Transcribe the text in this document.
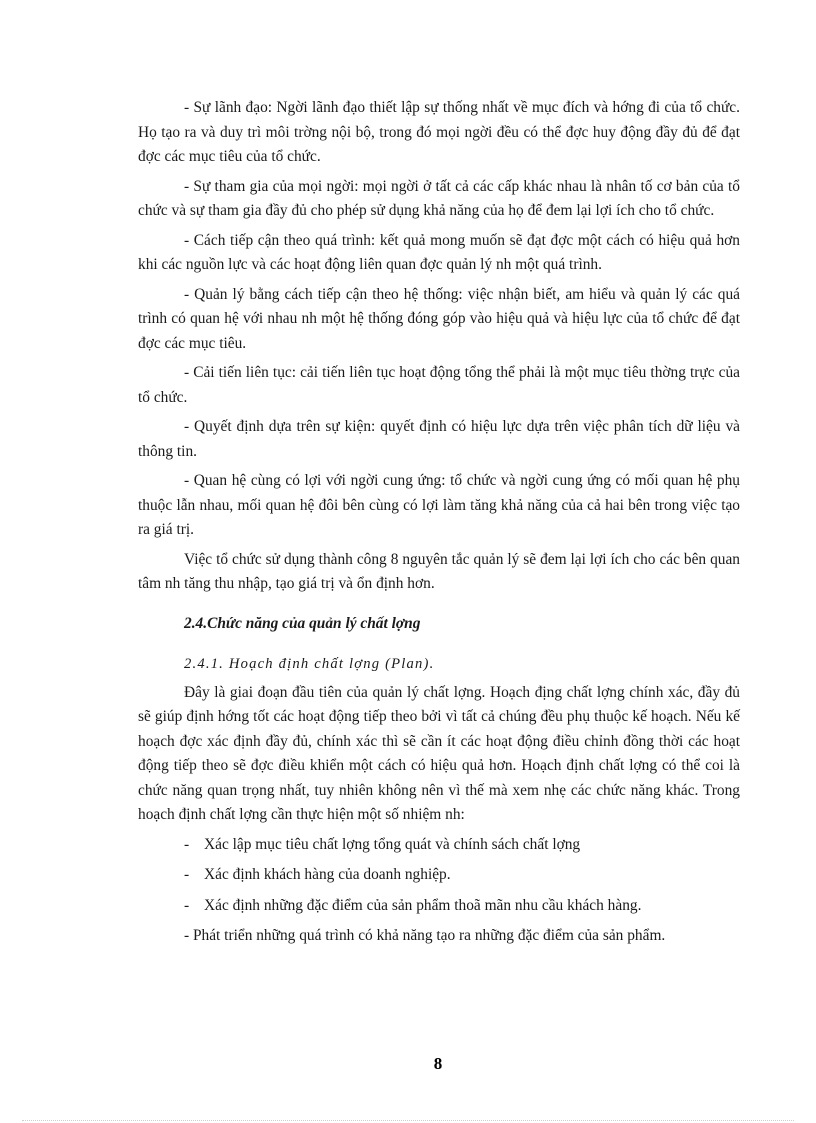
- Sự lãnh đạo: Ngời lãnh đạo thiết lập sự thống nhất về mục đích và hớng đi của tổ chức. Họ tạo ra và duy trì môi trờng nội bộ, trong đó mọi ngời đều có thể đợc huy động đầy đủ để đạt đợc các mục tiêu của tổ chức.

- Sự tham gia của mọi ngời: mọi ngời ở tất cả các cấp khác nhau là nhân tố cơ bản của tổ chức và sự tham gia đầy đủ cho phép sử dụng khả năng của họ để đem lại lợi ích cho tổ chức.

- Cách tiếp cận theo quá trình: kết quả mong muốn sẽ đạt đợc một cách có hiệu quả hơn khi các nguồn lực và các hoạt động liên quan đợc quản lý nh một quá trình.

- Quản lý bằng cách tiếp cận theo hệ thống: việc nhận biết, am hiểu và quản lý các quá trình có quan hệ với nhau nh một hệ thống đóng góp vào hiệu quả và hiệu lực của tổ chức để đạt đợc các mục tiêu.

- Cải tiến liên tục: cải tiến liên tục hoạt động tổng thể phải là một mục tiêu thờng trực của tổ chức.

- Quyết định dựa trên sự kiện: quyết định có hiệu lực dựa trên việc phân tích dữ liệu và thông tin.

- Quan hệ cùng có lợi với ngời cung ứng: tổ chức và ngời cung ứng có mối quan hệ phụ thuộc lẫn nhau, mối quan hệ đôi bên cùng có lợi làm tăng khả năng của cả hai bên trong việc tạo ra giá trị.

Việc tổ chức sử dụng thành công 8 nguyên tắc quản lý sẽ đem lại lợi ích cho các bên quan tâm nh tăng thu nhập, tạo giá trị và ổn định hơn.

2.4.Chức năng của quản lý chất lợng
2.4.1. Hoạch định chất lợng (Plan).

Đây là giai đoạn đầu tiên của quản lý chất lợng. Hoạch địng chất lợng chính xác, đầy đủ sẽ giúp định hớng tốt các hoạt động tiếp theo bởi vì tất cả chúng đều phụ thuộc kế hoạch. Nếu kế hoạch đợc xác định đầy đủ, chính xác thì sẽ cần ít các hoạt động điều chỉnh đồng thời các hoạt động tiếp theo sẽ đợc điều khiển một cách có hiệu quả hơn. Hoạch định chất lợng có thể coi là chức năng quan trọng nhất, tuy nhiên không nên vì thế mà xem nhẹ các chức năng khác. Trong hoạch định chất lợng cần thực hiện một số nhiệm nh:

- Xác lập mục tiêu chất lợng tổng quát và chính sách chất lợng
- Xác định khách hàng của doanh nghiệp.
- Xác định những đặc điểm của sản phẩm thoã mãn nhu cầu khách hàng.

- Phát triển những quá trình có khả năng tạo ra những đặc điểm của sản phẩm.

8
